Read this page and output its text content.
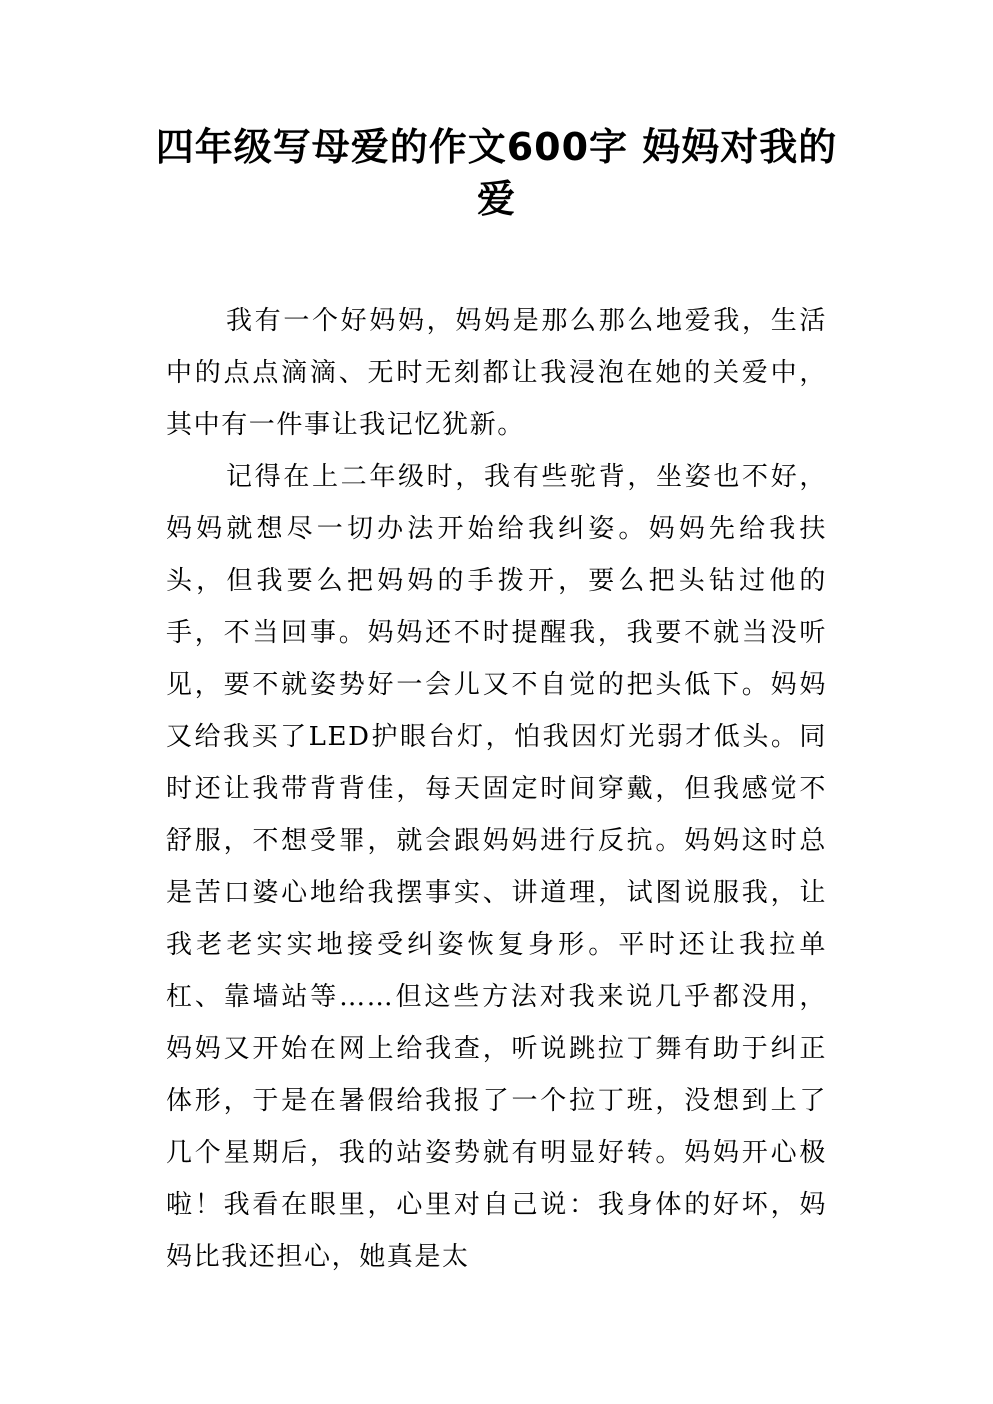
四年级写母爱的作文600字 妈妈对我的爱

我有一个好妈妈，妈妈是那么那么地爱我，生活中的点点滴滴、无时无刻都让我浸泡在她的关爱中，其中有一件事让我记忆犹新。

记得在上二年级时，我有些驼背，坐姿也不好，妈妈就想尽一切办法开始给我纠姿。妈妈先给我扶头，但我要么把妈妈的手拨开，要么把头钻过他的手，不当回事。妈妈还不时提醒我，我要不就当没听见，要不就姿势好一会儿又不自觉的把头低下。妈妈又给我买了LED护眼台灯，怕我因灯光弱才低头。同时还让我带背背佳，每天固定时间穿戴，但我感觉不舒服，不想受罪，就会跟妈妈进行反抗。妈妈这时总是苦口婆心地给我摆事实、讲道理，试图说服我，让我老老实实地接受纠姿恢复身形。平时还让我拉单杠、靠墙站等……但这些方法对我来说几乎都没用，妈妈又开始在网上给我查，听说跳拉丁舞有助于纠正体形，于是在暑假给我报了一个拉丁班，没想到上了几个星期后，我的站姿势就有明显好转。妈妈开心极啦！我看在眼里，心里对自己说：我身体的好坏，妈妈比我还担心，她真是太
